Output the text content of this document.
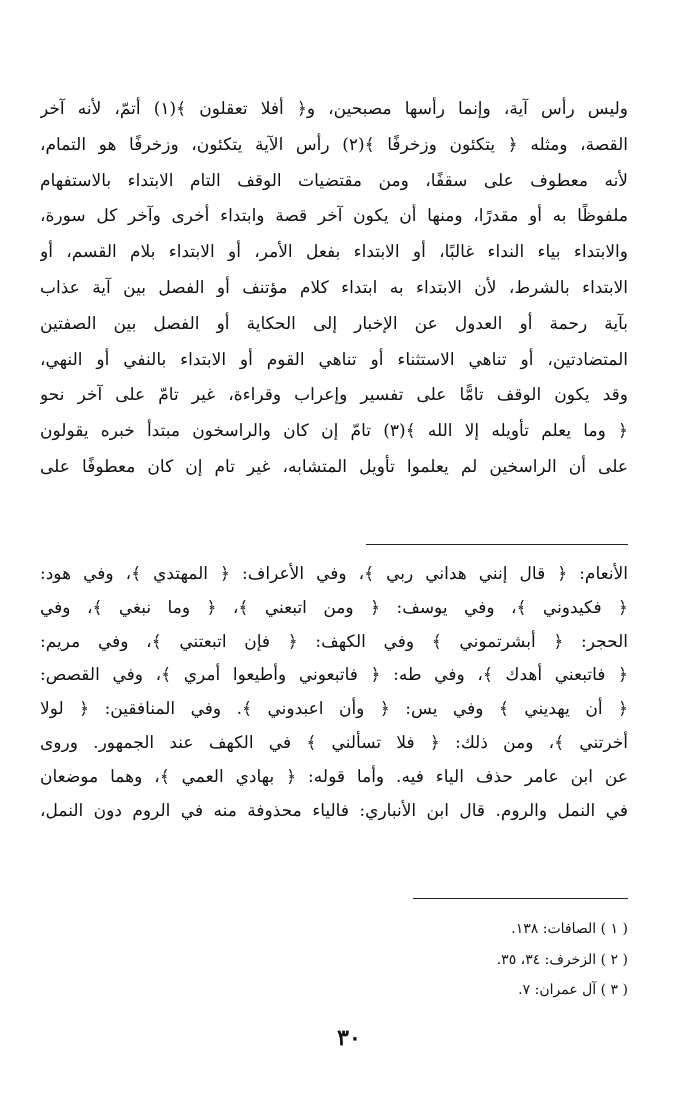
وليس رأس آية، وإنما رأسها مصبحين، و﴿ أفلا تعقلون ﴾(١) أتمّ، لأنه آخر
القصة، ومثله ﴿ يتكئون وزخرفًا ﴾(٢) رأس الآية يتكئون، وزخرفًا هو التمام،
لأنه معطوف على سقفًا، ومن مقتضيات الوقف التام الابتداء بالاستفهام
ملفوظًا به أو مقدرًا، ومنها أن يكون آخر قصة وابتداء أخرى وآخر كل سورة،
والابتداء بياء النداء غالبًا، أو الابتداء بفعل الأمر، أو الابتداء بلام القسم، أو
الابتداء بالشرط، لأن الابتداء به ابتداء كلام مؤتنف أو الفصل بين آية عذاب
بآية رحمة أو العدول عن الإخبار إلى الحكاية أو الفصل بين الصفتين
المتضادتين، أو تناهي الاستثناء أو تناهي القوم أو الابتداء بالنفي أو النهي،
وقد يكون الوقف تامًّا على تفسير وإعراب وقراءة، غير تامّ على آخر نحو
﴿ وما يعلم تأويله إلا الله ﴾(٣) تامّ إن كان والراسخون مبتدأ خبره يقولون
على أن الراسخين لم يعلموا تأويل المتشابه، غير تام إن كان معطوفًا على
الأنعام: ﴿ قال إنني هداني ربي ﴾، وفي الأعراف: ﴿ المهتدي ﴾، وفي هود:
﴿ فكيدوني ﴾، وفي يوسف: ﴿ ومن اتبعني ﴾، ﴿ وما نبغي ﴾، وفي
الحجر: ﴿ أبشرتموني ﴾ وفي الكهف: ﴿ فإن اتبعتني ﴾، وفي مريم:
﴿ فاتبعني أهدك ﴾، وفي طه: ﴿ فاتبعوني وأطيعوا أمري ﴾، وفي القصص:
﴿ أن يهديني ﴾ وفي يس: ﴿ وأن اعبدوني ﴾. وفي المنافقين: ﴿ لولا
أخرتني ﴾، ومن ذلك: ﴿ فلا تسألني ﴾ في الكهف عند الجمهور. وروى
عن ابن عامر حذف الياء فيه. وأما قوله: ﴿ بهادي العمي ﴾، وهما موضعان
في النمل والروم. قال ابن الأنباري: فالياء محذوفة منه في الروم دون النمل،
( ١ ) الصافات: ١٣٨.
( ٢ ) الزخرف: ٣٤، ٣٥.
( ٣ ) آل عمران: ٧.
٣٠
